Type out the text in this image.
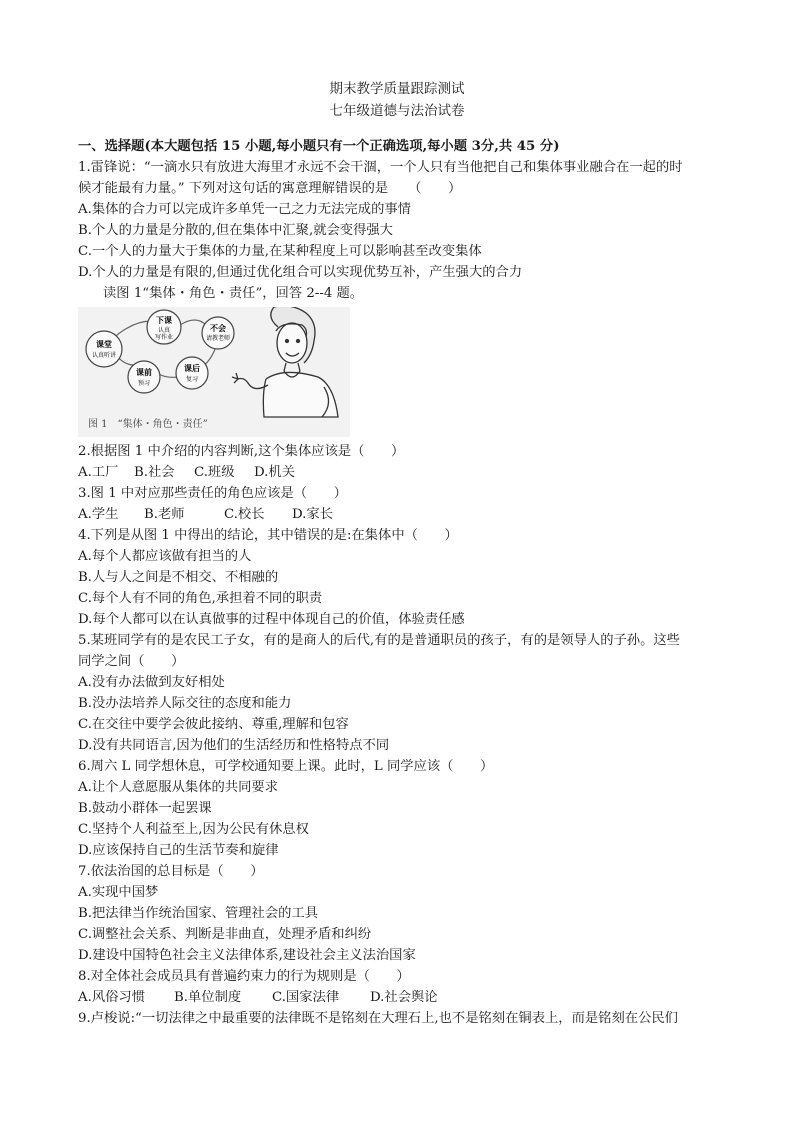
期末教学质量跟踪测试
七年级道德与法治试卷
一、选择题(本大题包括 15 小题,每小题只有一个正确选项,每小题 3分,共 45 分)
1.雷锋说：“一滴水只有放进大海里才永远不会干涸，一个人只有当他把自己和集体事业融合在一起的时
候才能最有力量。” 下列对这句话的寓意理解错误的是　　（　　）
A.集体的合力可以完成许多单凭一己之力无法完成的事情
B.个人的力量是分散的,但在集体中汇聚,就会变得强大
C.一个人的力量大于集体的力量,在某种程度上可以影响甚至改变集体
D.个人的力量是有限的,但通过优化组合可以实现优势互补，产生强大的合力
读图 1“集体・角色・责任”，回答 2--4 题。
下课
认真
写作业
不会
请教老师
课堂
认真听讲
课前
预习
课后
复习
图 1　“集体・角色・责任”
2.根据图 1 中介绍的内容判断,这个集体应该是（　　）
A.工厂 B.社会 C.班级 D.机关
3.图 1 中对应那些责任的角色应该是（　　）
A.学生 B.老师	C.校长 D.家长
4.下列是从图 1 中得出的结论，其中错误的是:在集体中（　　）
A.每个人都应该做有担当的人
B.人与人之间是不相交、不相融的
C.每个人有不同的角色,承担着不同的职责
D.每个人都可以在认真做事的过程中体现自己的价值，体验责任感
5.某班同学有的是农民工子女，有的是商人的后代,有的是普通职员的孩子，有的是领导人的子孙。这些
同学之间（　　）
A.没有办法做到友好相处
B.没办法培养人际交往的态度和能力
C.在交往中要学会彼此接纳、尊重,理解和包容
D.没有共同语言,因为他们的生活经历和性格特点不同
6.周六 L 同学想休息，可学校通知要上课。此时，L 同学应该（　　）
A.让个人意愿服从集体的共同要求
B.鼓动小群体一起罢课
C.坚持个人利益至上,因为公民有休息权
D.应该保持自己的生活节奏和旋律
7.依法治国的总目标是（　　）
A.实现中国梦
B.把法律当作统治国家、管理社会的工具
C.调整社会关系、判断是非曲直，处理矛盾和纠纷
D.建设中国特色社会主义法律体系,建设社会主义法治国家
8.对全体社会成员具有普遍约束力的行为规则是（　　）
A.风俗习惯 B.单位制度 C.国家法律 D.社会舆论
9.卢梭说:“一切法律之中最重要的法律既不是铭刻在大理石上,也不是铭刻在铜表上，而是铭刻在公民们
